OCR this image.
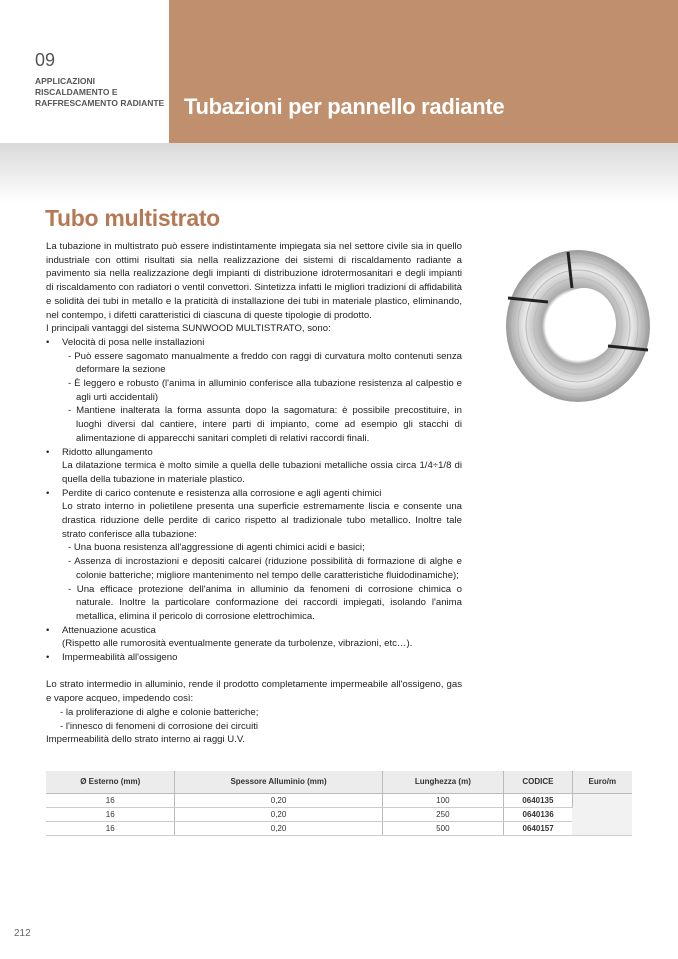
09
APPLICAZIONI RISCALDAMENTO E RAFFRESCAMENTO RADIANTE Tubazioni per pannello radiante
Tubo multistrato

La tubazione in multistrato può essere indistintamente impiegata sia nel settore civile sia in quello industriale con ottimi risultati sia nella realizzazione dei sistemi di riscaldamento radiante a pavimento sia nella realizzazione degli impianti di distribuzione idrotermosanitari e degli impianti di riscaldamento con radiatori o ventil convettori. Sintetizza infatti le migliori tradizioni di affidabilità e solidità dei tubi in metallo e la praticità di installazione dei tubi in materiale plastico, eliminando, nel contempo, i difetti caratteristici di ciascuna di queste tipologie di prodotto.

I principali vantaggi del sistema SUNWOOD MULTISTRATO, sono:

• Velocità di posa nelle installazioni
- Può essere sagomato manualmente a freddo con raggi di curvatura molto contenuti senza deformare la sezione
- È leggero e robusto (l'anima in alluminio conferisce alla tubazione resistenza al calpestio e agli urti accidentali)
- Mantiene inalterata la forma assunta dopo la sagomatura: è possibile precostituire, in luoghi diversi dal cantiere, intere parti di impianto, come ad esempio gli stacchi di alimentazione di apparecchi sanitari completi di relativi raccordi finali.
• Ridotto allungamento

La dilatazione termica è molto simile a quella delle tubazioni metalliche ossia circa 1/4÷1/8 di quella della tubazione in materiale plastico.

• Perdite di carico contenute e resistenza alla corrosione e agli agenti chimici

Lo strato interno in polietilene presenta una superficie estremamente liscia e consente una drastica riduzione delle perdite di carico rispetto al tradizionale tubo metallico. Inoltre tale strato conferisce alla tubazione:

- Una buona resistenza all'aggressione di agenti chimici acidi e basici;
- Assenza di incrostazioni e depositi calcarei (riduzione possibilità di formazione di alghe e colonie batteriche; migliore mantenimento nel tempo delle caratteristiche fluidodinamiche);
- Una efficace protezione dell'anima in alluminio da fenomeni di corrosione chimica o naturale. Inoltre la particolare conformazione dei raccordi impiegati, isolando l'anima metallica, elimina il pericolo di corrosione elettrochimica.
• Attenuazione acustica

(Rispetto alle rumorosità eventualmente generate da turbolenze, vibrazioni, etc…).

• Impermeabilità all'ossigeno

Lo strato intermedio in alluminio, rende il prodotto completamente impermeabile all'ossigeno, gas e vapore acqueo, impedendo così:

- la proliferazione di alghe e colonie batteriche;
- l'innesco di fenomeni di corrosione dei circuiti

Impermeabilità dello strato interno ai raggi U.V.

Ø Esterno (mm)	Spessore Alluminio (mm)	Lunghezza (m)	CODICE	Euro/m
16	0,20	100	0640135	
16	0,20	250	0640136	
16	0,20	500	0640157	
212
